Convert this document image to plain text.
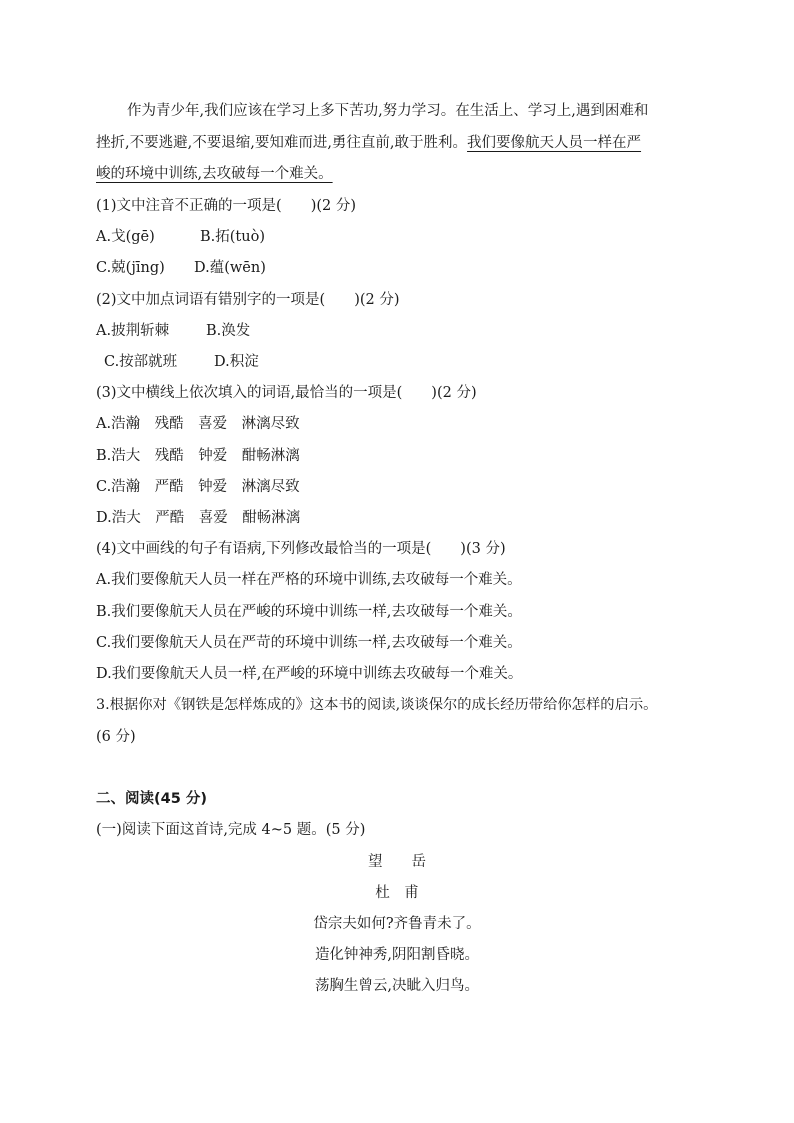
作为青少年,我们应该在学习上多下苦功,努力学习。在生活上、学习上,遇到困难和
挫折,不要逃避,不要退缩,要知难而进,勇往直前,敢于胜利。我们要像航天人员一样在严
峻的环境中训练,去攻破每一个难关。
(1)文中注音不正确的一项是(　　)(2 分)
A.戈(gē)	B.拓(tuò)
C.兢(jīng) D.蕴(wēn)
(2)文中加点词语有错别字的一项是(　　)(2 分)
A.披荆斩棘	B.涣发
C.按部就班	D.积淀
(3)文中横线上依次填入的词语,最恰当的一项是(　　)(2 分)
A.浩瀚　残酷　喜爱　淋漓尽致
B.浩大　残酷　钟爱　酣畅淋漓
C.浩瀚　严酷　钟爱　淋漓尽致
D.浩大　严酷　喜爱　酣畅淋漓
(4)文中画线的句子有语病,下列修改最恰当的一项是(　　)(3 分)
A.我们要像航天人员一样在严格的环境中训练,去攻破每一个难关。
B.我们要像航天人员在严峻的环境中训练一样,去攻破每一个难关。
C.我们要像航天人员在严苛的环境中训练一样,去攻破每一个难关。
D.我们要像航天人员一样,在严峻的环境中训练去攻破每一个难关。
3.根据你对《钢铁是怎样炼成的》这本书的阅读,谈谈保尔的成长经历带给你怎样的启示。
(6 分)
二、阅读(45 分)
(一)阅读下面这首诗,完成 4~5 题。(5 分)
望　　岳
杜　甫
岱宗夫如何?齐鲁青未了。
造化钟神秀,阴阳割昏晓。
荡胸生曾云,决眦入归鸟。
